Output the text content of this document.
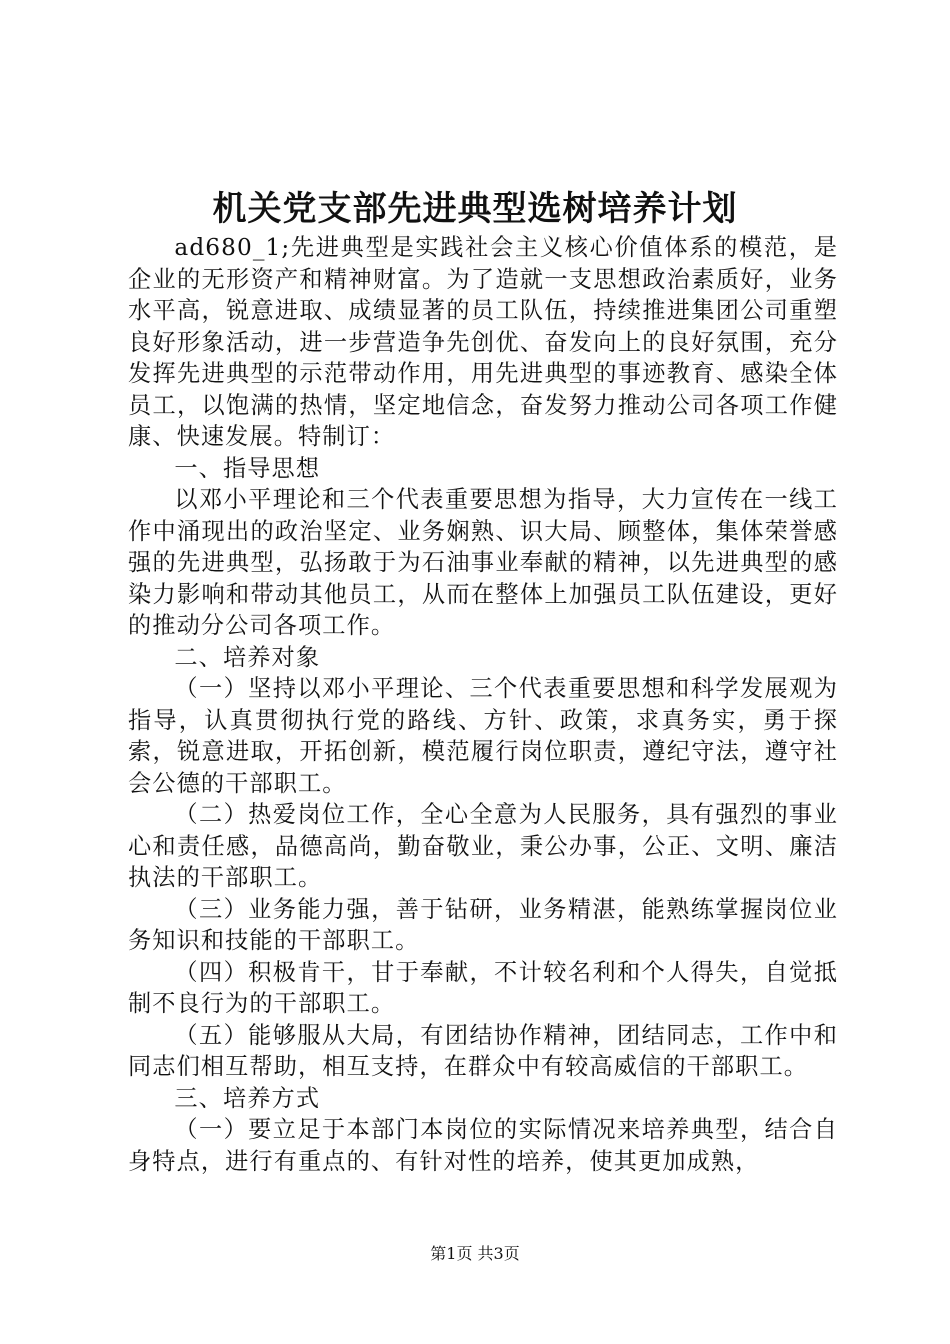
机关党支部先进典型选树培养计划

ad680_1;先进典型是实践社会主义核心价值体系的模范，是企业的无形资产和精神财富。为了造就一支思想政治素质好，业务水平高，锐意进取、成绩显著的员工队伍，持续推进集团公司重塑良好形象活动，进一步营造争先创优、奋发向上的良好氛围，充分发挥先进典型的示范带动作用，用先进典型的事迹教育、感染全体员工，以饱满的热情，坚定地信念，奋发努力推动公司各项工作健康、快速发展。特制订：

一、指导思想

以邓小平理论和三个代表重要思想为指导，大力宣传在一线工作中涌现出的政治坚定、业务娴熟、识大局、顾整体，集体荣誉感强的先进典型，弘扬敢于为石油事业奉献的精神，以先进典型的感染力影响和带动其他员工，从而在整体上加强员工队伍建设，更好的推动分公司各项工作。

二、培养对象

（一）坚持以邓小平理论、三个代表重要思想和科学发展观为指导，认真贯彻执行党的路线、方针、政策，求真务实，勇于探索，锐意进取，开拓创新，模范履行岗位职责，遵纪守法，遵守社会公德的干部职工。

（二）热爱岗位工作，全心全意为人民服务，具有强烈的事业心和责任感，品德高尚，勤奋敬业，秉公办事，公正、文明、廉洁执法的干部职工。

（三）业务能力强，善于钻研，业务精湛，能熟练掌握岗位业务知识和技能的干部职工。

（四）积极肯干，甘于奉献，不计较名利和个人得失，自觉抵制不良行为的干部职工。

（五）能够服从大局，有团结协作精神，团结同志，工作中和同志们相互帮助，相互支持，在群众中有较高威信的干部职工。

三、培养方式

（一）要立足于本部门本岗位的实际情况来培养典型，结合自身特点，进行有重点的、有针对性的培养，使其更加成熟，

第1页 共3页
